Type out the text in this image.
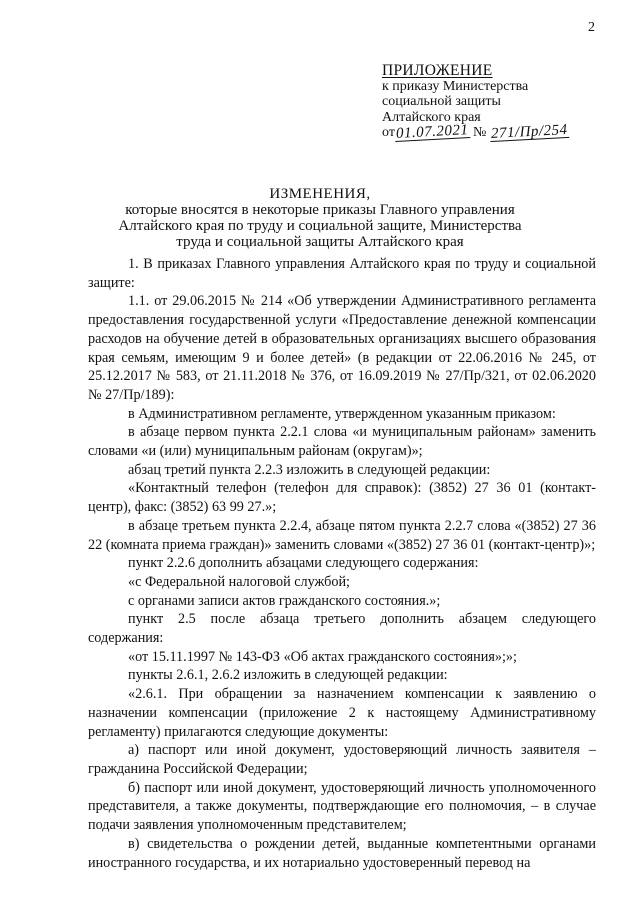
2
ПРИЛОЖЕНИЕ
к приказу Министерства
социальной защиты
Алтайского края
от01.07.2021 № 271/Пр/254
ИЗМЕНЕНИЯ,
которые вносятся в некоторые приказы Главного управления
Алтайского края по труду и социальной защите, Министерства
труда и социальной защиты Алтайского края

1. В приказах Главного управления Алтайского края по труду и социальной защите:

1.1. от 29.06.2015 № 214 «Об утверждении Административного регламента предоставления государственной услуги «Предоставление денежной компенсации расходов на обучение детей в образовательных организациях высшего образования края семьям, имеющим 9 и более детей» (в редакции от 22.06.2016 № 245, от 25.12.2017 № 583, от 21.11.2018 № 376, от 16.09.2019 № 27/Пр/321, от 02.06.2020 № 27/Пр/189):

в Административном регламенте, утвержденном указанным приказом:

в абзаце первом пункта 2.2.1 слова «и муниципальным районам» заменить словами «и (или) муниципальным районам (округам)»;

абзац третий пункта 2.2.3 изложить в следующей редакции:

«Контактный телефон (телефон для справок): (3852) 27 36 01 (контакт-центр), факс: (3852) 63 99 27.»;

в абзаце третьем пункта 2.2.4, абзаце пятом пункта 2.2.7 слова «(3852) 27 36 22 (комната приема граждан)» заменить словами «(3852) 27 36 01 (контакт-центр)»;

пункт 2.2.6 дополнить абзацами следующего содержания:

«с Федеральной налоговой службой;

с органами записи актов гражданского состояния.»;

пункт 2.5 после абзаца третьего дополнить абзацем следующего содержания:

«от 15.11.1997 № 143-ФЗ «Об актах гражданского состояния»;»;

пункты 2.6.1, 2.6.2 изложить в следующей редакции:

«2.6.1. При обращении за назначением компенсации к заявлению о назначении компенсации (приложение 2 к настоящему Административному регламенту) прилагаются следующие документы:

а) паспорт или иной документ, удостоверяющий личность заявителя – гражданина Российской Федерации;

б) паспорт или иной документ, удостоверяющий личность уполномоченного представителя, а также документы, подтверждающие его полномочия, – в случае подачи заявления уполномоченным представителем;

в) свидетельства о рождении детей, выданные компетентными органами иностранного государства, и их нотариально удостоверенный перевод на
